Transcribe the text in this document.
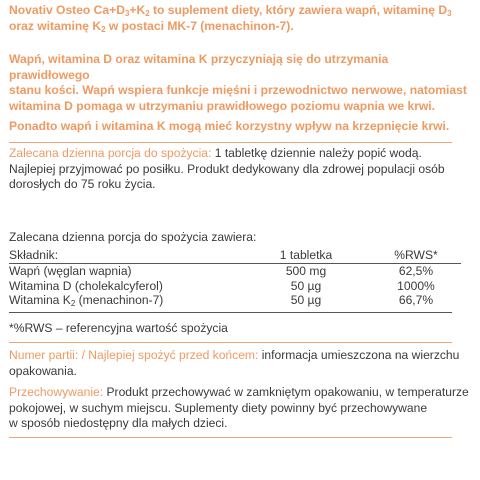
Novativ Osteo $Ca+D_3+K_2$ to suplement diety, który zawiera wapń, witaminę $D_3$
oraz witaminę $K_2$ w postaci MK-7 (menachinon-7).
Wapń, witamina D oraz witamina K przyczyniają się do utrzymania prawidłowego
stanu kości. Wapń wspiera funkcje mięśni i przewodnictwo nerwowe, natomiast
witamina D pomaga w utrzymaniu prawidłowego poziomu wapnia we krwi.

Ponadto wapń i witamina K mogą mieć korzystny wpływ na krzepnięcie krwi.
Zalecana dzienna porcja do spożycia: 1 tabletkę dziennie należy popić wodą.
Najlepiej przyjmować po posiłku. Produkt dedykowany dla zdrowej populacji osób
dorosłych do 75 roku życia.
Zalecana dzienna porcja do spożycia zawiera:
Składnik:	1 tabletka	%RWS*

Wapń (węglan wapnia)	500 mg	62,5%
Witamina D (cholekalcyferol)	50 µg	1000%
Witamina $K_2$ (menachinon-7)	50 µg	66,7%
*%RWS – referencyjna wartość spożycia
Numer partii: / Najlepiej spożyć przed końcem: informacja umieszczona na wierzchu
opakowania.
Przechowywanie: Produkt przechowywać w zamkniętym opakowaniu, w temperaturze
pokojowej, w suchym miejscu. Suplementy diety powinny być przechowywane
w sposób niedostępny dla małych dzieci.
